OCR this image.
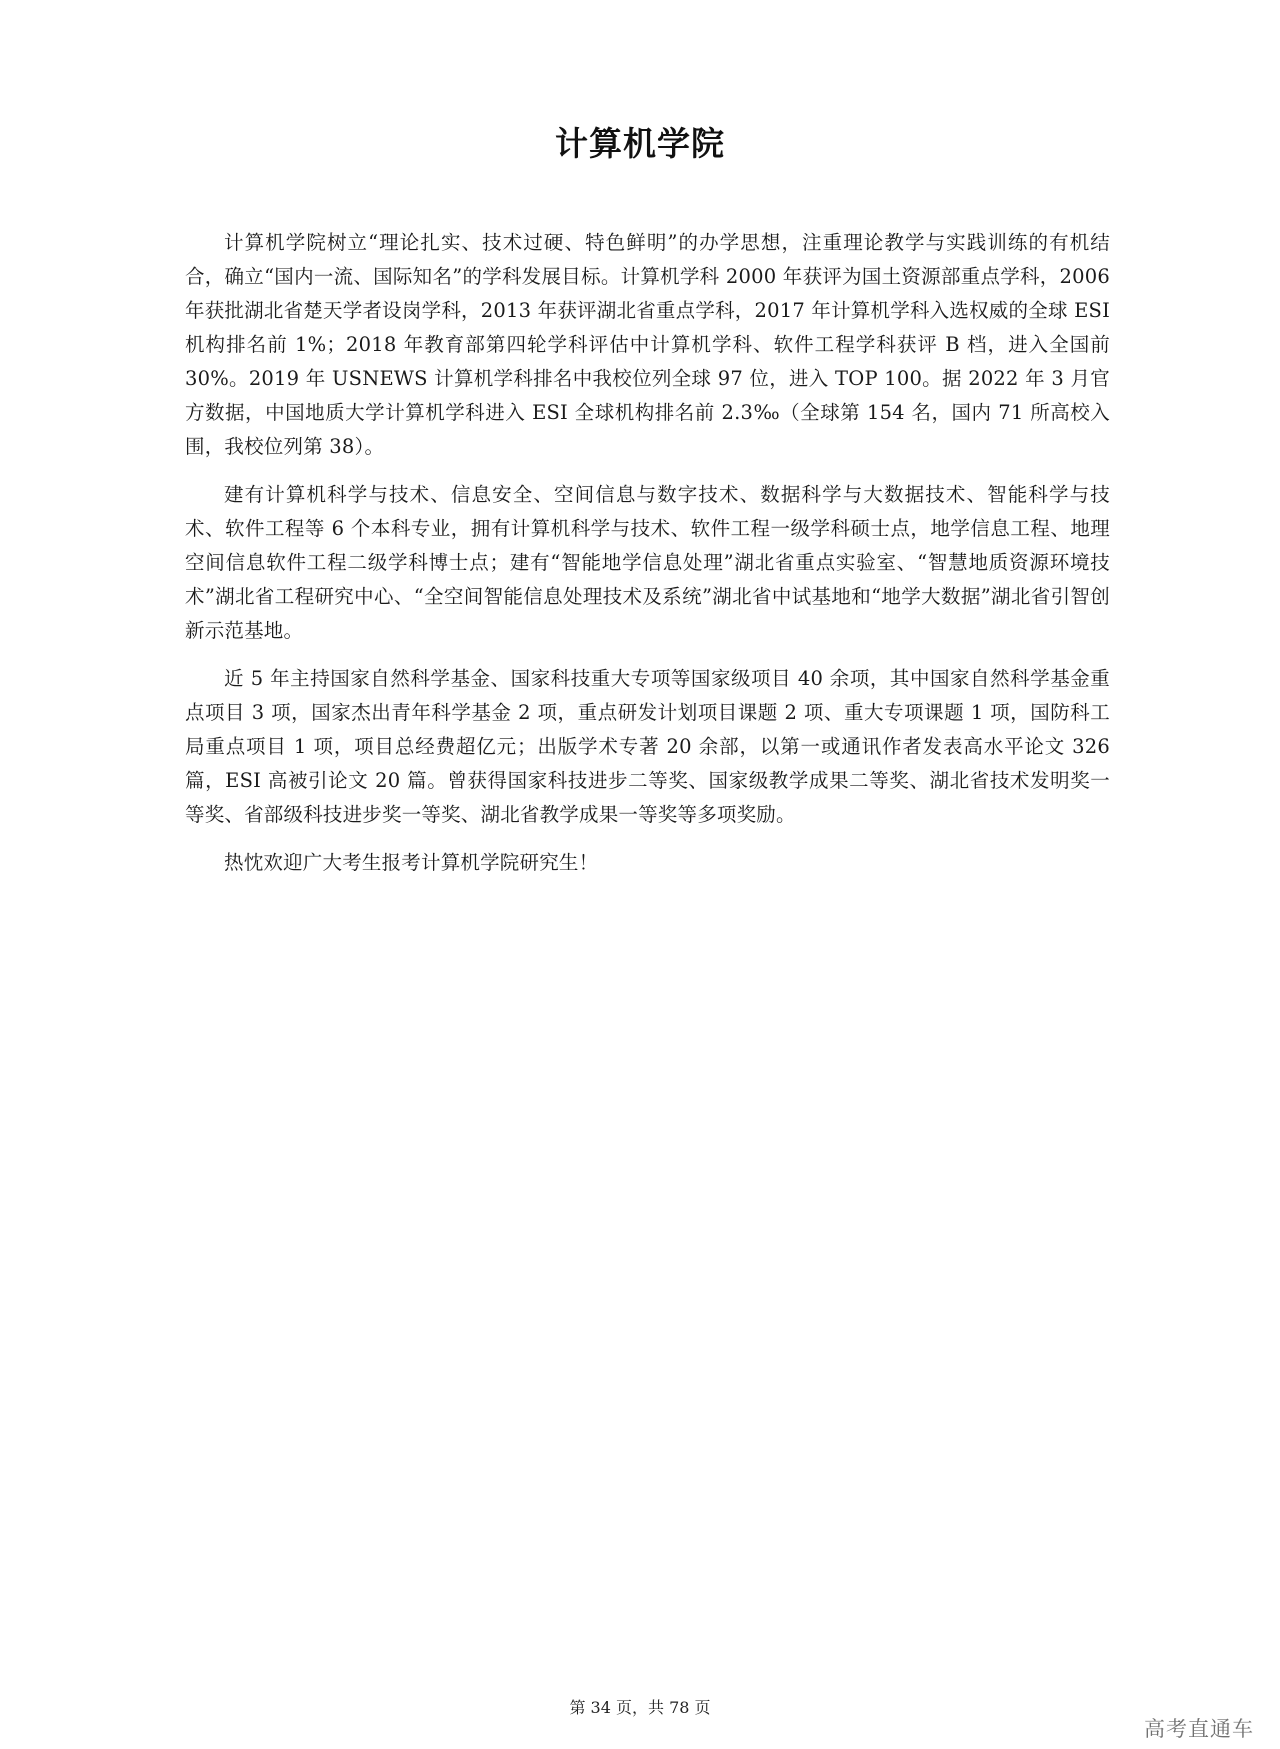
计算机学院

计算机学院树立“理论扎实、技术过硬、特色鲜明”的办学思想，注重理论教学与实践训练的有机结合，确立“国内一流、国际知名”的学科发展目标。计算机学科 2000 年获评为国土资源部重点学科，2006 年获批湖北省楚天学者设岗学科，2013 年获评湖北省重点学科，2017 年计算机学科入选权威的全球 ESI 机构排名前 1%；2018 年教育部第四轮学科评估中计算机学科、软件工程学科获评 B 档，进入全国前 30%。2019 年 USNEWS 计算机学科排名中我校位列全球 97 位，进入 TOP 100。据 2022 年 3 月官方数据，中国地质大学计算机学科进入 ESI 全球机构排名前 2.3‰（全球第 154 名，国内 71 所高校入围，我校位列第 38）。

建有计算机科学与技术、信息安全、空间信息与数字技术、数据科学与大数据技术、智能科学与技术、软件工程等 6 个本科专业，拥有计算机科学与技术、软件工程一级学科硕士点，地学信息工程、地理空间信息软件工程二级学科博士点；建有“智能地学信息处理”湖北省重点实验室、“智慧地质资源环境技术”湖北省工程研究中心、“全空间智能信息处理技术及系统”湖北省中试基地和“地学大数据”湖北省引智创新示范基地。

近 5 年主持国家自然科学基金、国家科技重大专项等国家级项目 40 余项，其中国家自然科学基金重点项目 3 项，国家杰出青年科学基金 2 项，重点研发计划项目课题 2 项、重大专项课题 1 项，国防科工局重点项目 1 项，项目总经费超亿元；出版学术专著 20 余部，以第一或通讯作者发表高水平论文 326 篇，ESI 高被引论文 20 篇。曾获得国家科技进步二等奖、国家级教学成果二等奖、湖北省技术发明奖一等奖、省部级科技进步奖一等奖、湖北省教学成果一等奖等多项奖励。

热忱欢迎广大考生报考计算机学院研究生！

第 34 页，共 78 页
高考直通车
